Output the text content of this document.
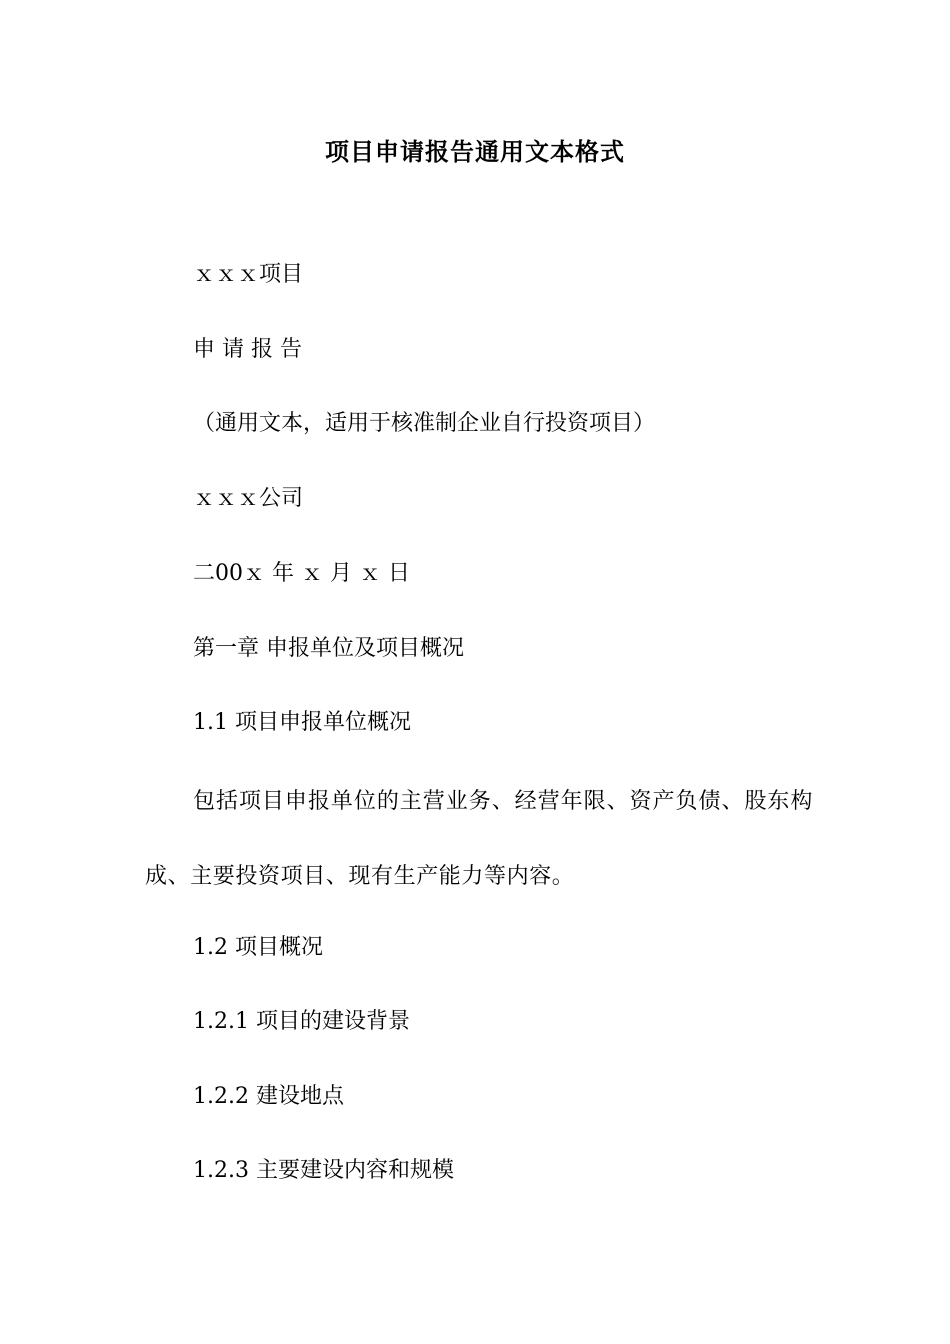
项目申请报告通用文本格式
ｘｘｘ项目
申 请 报 告
（通用文本，适用于核准制企业自行投资项目）
ｘｘｘ公司
二00ｘ 年 ｘ 月 ｘ 日
第一章 申报单位及项目概况
1.1 项目申报单位概况
包括项目申报单位的主营业务、经营年限、资产负债、股东构成、主要投资项目、现有生产能力等内容。
1.2 项目概况
1.2.1 项目的建设背景
1.2.2 建设地点
1.2.3 主要建设内容和规模
